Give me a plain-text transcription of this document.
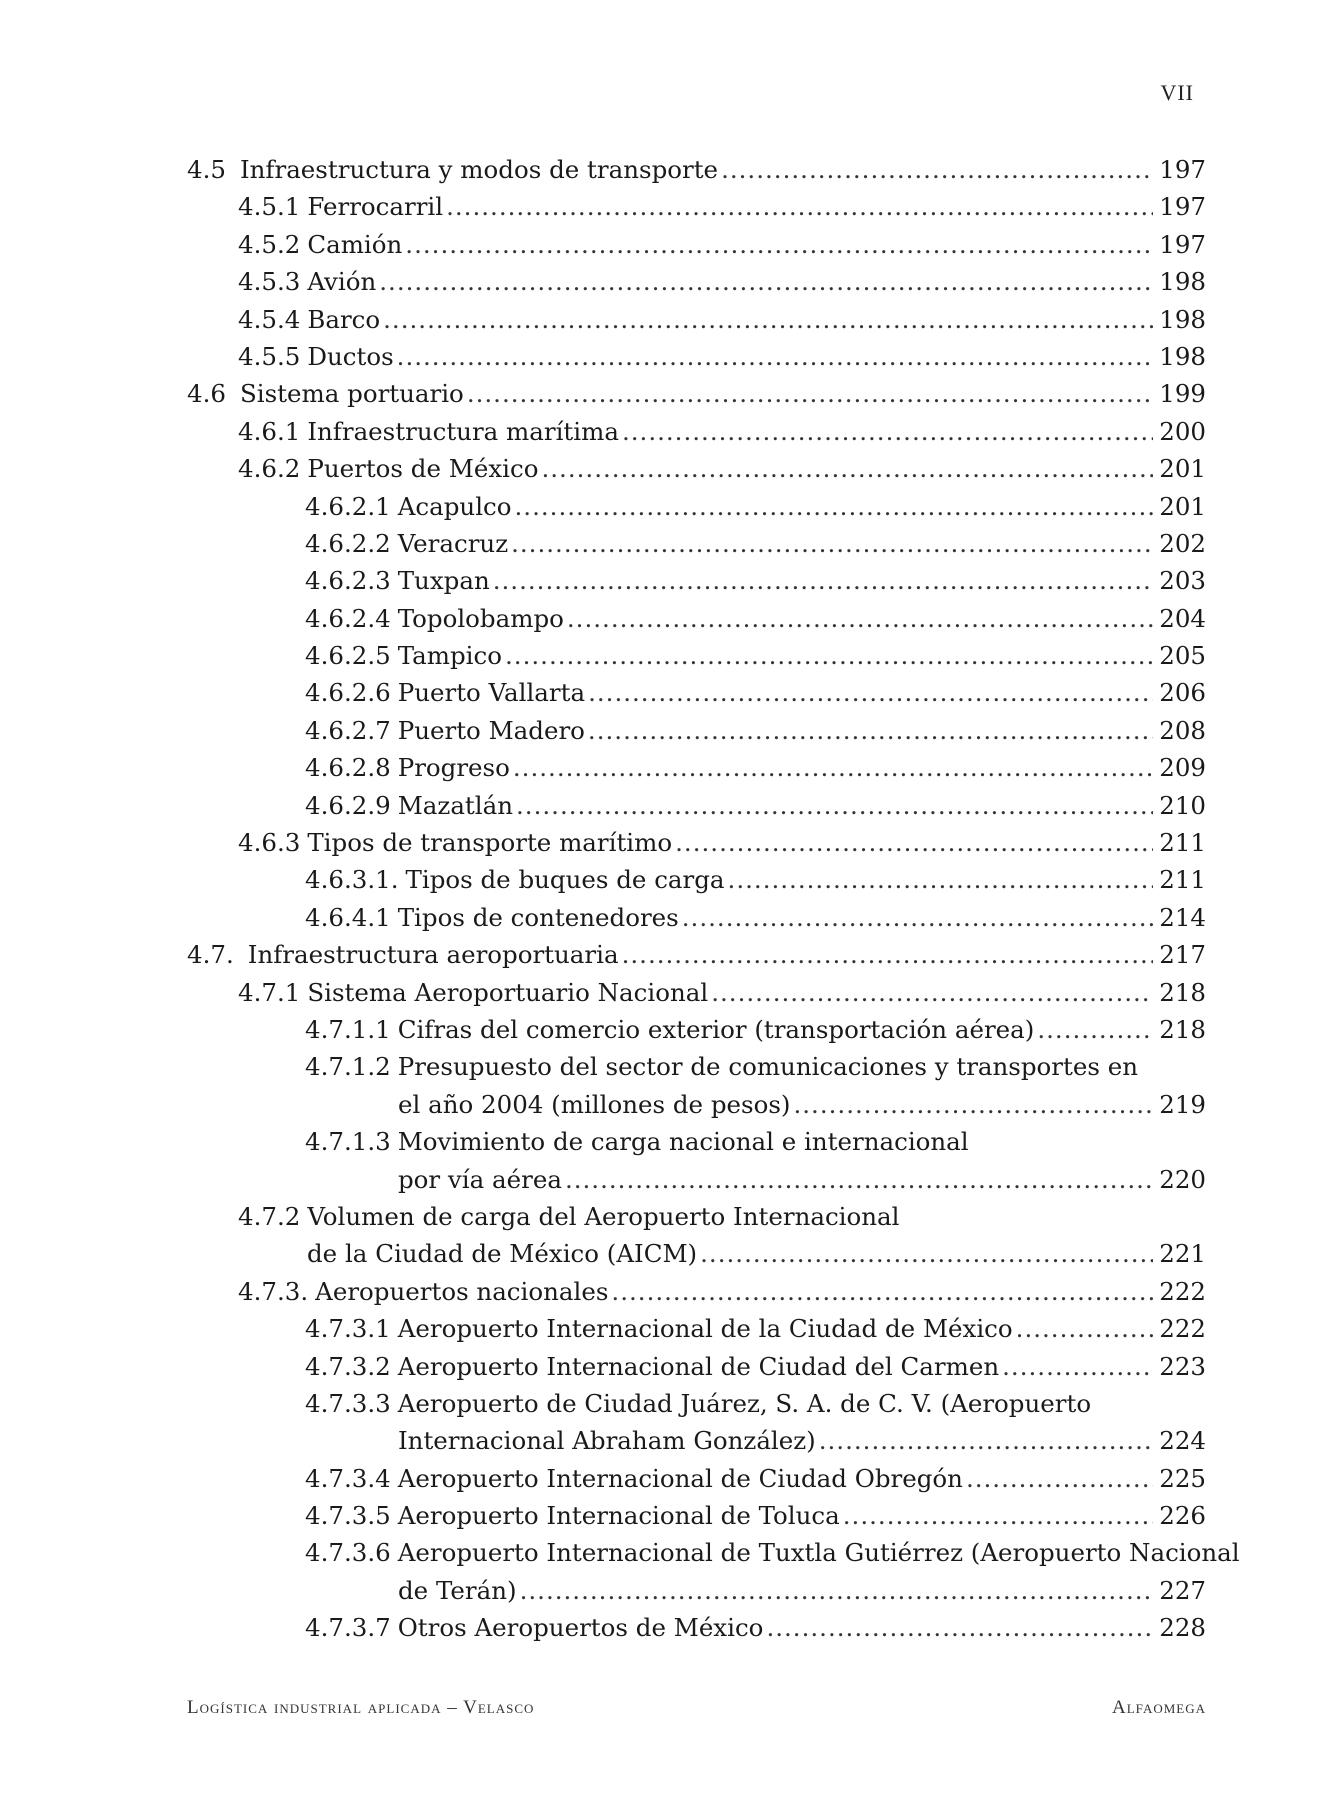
VII
4.5 Infraestructura y modos de transporte .....	197
4.5.1 Ferrocarril .....	197
4.5.2 Camión .....	197
4.5.3 Avión .....	198
4.5.4 Barco .....	198
4.5.5 Ductos .....	198
4.6 Sistema portuario .....	199
4.6.1 Infraestructura marítima .....	200
4.6.2 Puertos de México .....	201
4.6.2.1 Acapulco .....	201
4.6.2.2 Veracruz .....	202
4.6.2.3 Tuxpan .....	203
4.6.2.4 Topolobampo .....	204
4.6.2.5 Tampico .....	205
4.6.2.6 Puerto Vallarta .....	206
4.6.2.7 Puerto Madero .....	208
4.6.2.8 Progreso .....	209
4.6.2.9 Mazatlán .....	210
4.6.3 Tipos de transporte marítimo .....	211
4.6.3.1. Tipos de buques de carga .....	211
4.6.4.1 Tipos de contenedores .....	214
4.7. Infraestructura aeroportuaria .....	217
4.7.1 Sistema Aeroportuario Nacional .....	218
4.7.1.1 Cifras del comercio exterior (transportación aérea) .....	218
4.7.1.2 Presupuesto del sector de comunicaciones y transportes en
el año 2004 (millones de pesos) .....	219
4.7.1.3 Movimiento de carga nacional e internacional
por vía aérea .....	220
4.7.2 Volumen de carga del Aeropuerto Internacional
de la Ciudad de México (AICM) .....	221
4.7.3. Aeropuertos nacionales .....	222
4.7.3.1 Aeropuerto Internacional de la Ciudad de México .....	222
4.7.3.2 Aeropuerto Internacional de Ciudad del Carmen .....	223
4.7.3.3 Aeropuerto de Ciudad Juárez, S. A. de C. V. (Aeropuerto
Internacional Abraham González) .....	224
4.7.3.4 Aeropuerto Internacional de Ciudad Obregón .....	225
4.7.3.5 Aeropuerto Internacional de Toluca .....	226
4.7.3.6 Aeropuerto Internacional de Tuxtla Gutiérrez (Aeropuerto Nacional
de Terán) .....	227
4.7.3.7 Otros Aeropuertos de México .....	228
Logística industrial aplicada – Velasco	Alfaomega
